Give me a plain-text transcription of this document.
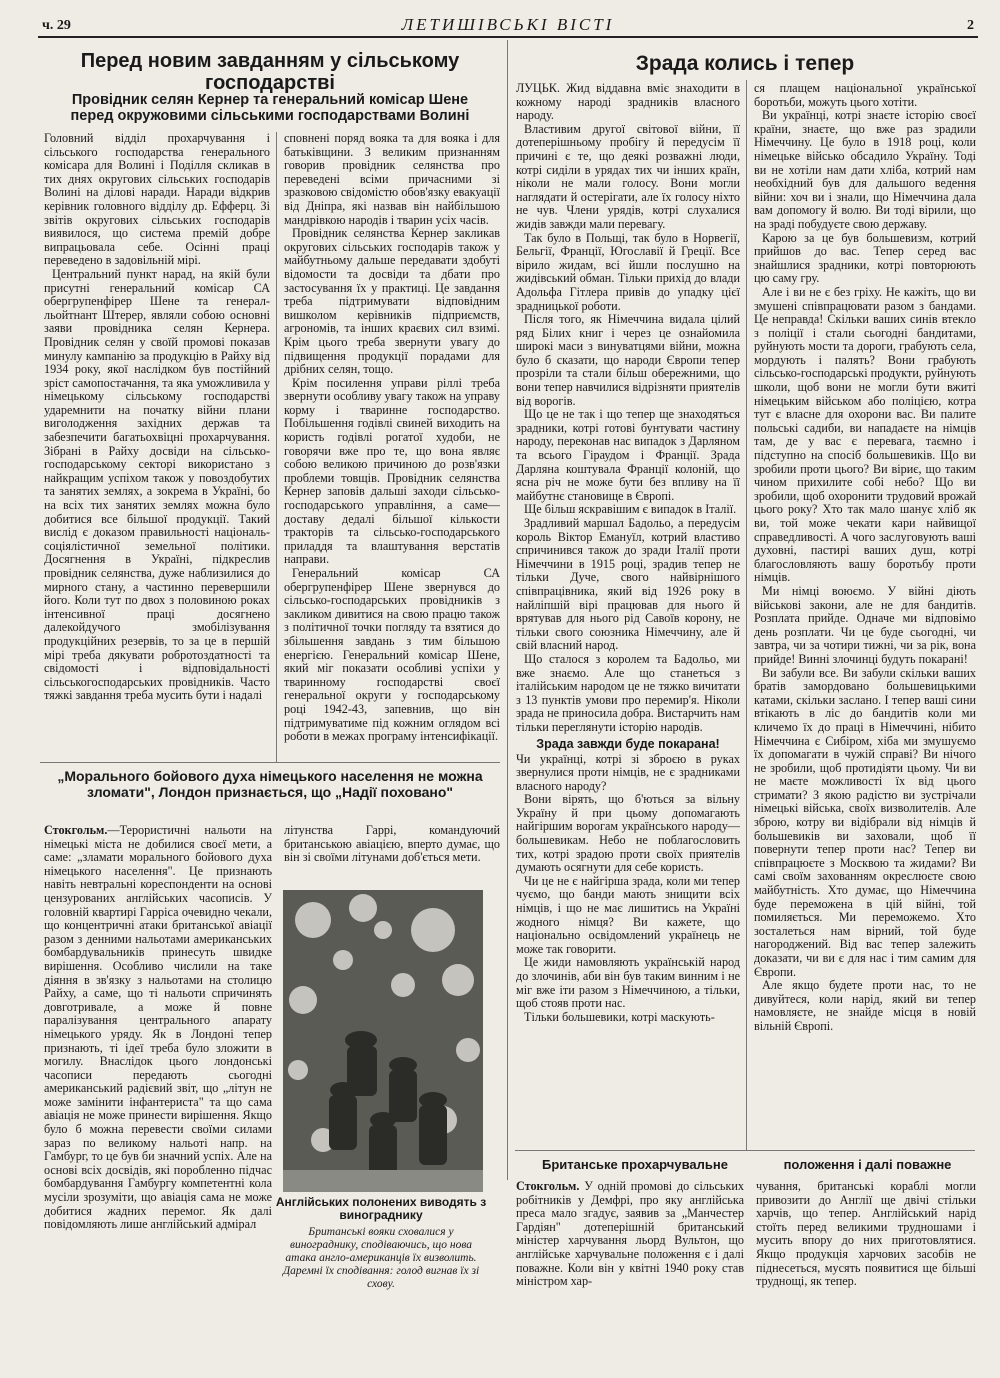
ч. 29	ЛЕТИШІВСЬКІ ВІСТІ	2
Перед новим завданням у сільському господарстві
Провідник селян Кернер та генеральний комісар Шене перед окружовими сільськими господарствами Волині

Головний відділ прохарчування і сільського господарства генерального комісара для Волині і Поділля скликав в тих днях округових сільських господарів Волині на ділові наради. Наради відкрив керівник головного відділу др. Ефферц. Зі звітів округових сільських господарів виявилося, що система премій добре випрацьовала себе. Осінні праці переведено в задовільній мірі.

Центральний пункт нарад, на якій були присутні генеральний комісар СА обергрупенфірер Шене та генерал-льойтнант Штерер, являли собою основні заяви провідника селян Кернера. Провідник селян у своїй промові показав минулу кампанію за продукцію в Райху від 1934 року, якої наслідком був постійний зріст самопостачання, та яка уможливила у німецькому сільському господарстві ударемнити на початку війни плани виголодження західних держав та забезпечити багатьохвіцні прохарчування. Зібрані в Райху досвіди на сільсько-господарському секторі використано з найкращим успіхом також у повоздобутих та занятих землях, а зокрема в Україні, бо на всіх тих занятих землях можна було добитися все більшої продукції. Такий вислід є доказом правильності національ-соціялістичної земельної політики. Досягнення в Україні, підкреслив провідник селянства, дуже наблизилися до мирного стану, а частинно перевершили його. Коли тут по двох з половиною роках інтенсивної праці досягнено далекойдучого змобілізування продукційних резервів, то за це в першій мірі треба дякувати робротоздатності та свідомості і відповідальності сільськогосподарських провідників. Часто тяжкі завдання треба мусить бути і надалі

сповнені поряд вояка та для вояка і для батьківщини. З великим признанням говорив провідник селянства про переведені всіми причасними зі зразковою свідомістю обов'язку евакуації від Дніпра, які назвав він найбільшою мандрівкою народів і тварин усіх часів.

Провідник селянства Кернер закликав округових сільських господарів також у майбутньому дальше передавати здобуті відомости та досвіди та дбати про застосування їх у практиці. Це завдання треба підтримувати відповідним вишколом керівників підприємств, агрономів, та інших краєвих сил взимі. Крім цього треба звернути увагу до підвищення продукції порадами для дрібних селян, тощо.

Крім посилення управи ріллі треба звернути особливу увагу також на управу корму і тваринне господарство. Побільшення годівлі свиней виходить на користь годівлі рогатої худоби, не говорячи вже про те, що вона являє собою великою причиною до розв'язки проблеми товщів. Провідник селянства Кернер заповів дальші заходи сільсько-господарського управління, а саме—доставу дедалі більшої кількости тракторів та сільсько-господарського приладдя та влаштування верстатів направи.

Генеральний комісар СА обергрупенфірер Шене звернувся до сільсько-господарських провідників з закликом дивитися на свою працю також з політичної точки погляду та взятися до збільшення завдань з тим більшою енергією. Генеральний комісар Шене, який міг показати особливі успіхи у тваринному господарстві своєї генеральної округи у господарському році 1942-43, запевнив, що він підтримуватиме під кожним оглядом всі роботи в межах програму інтенсифікації.

„Морального бойового духа німецького населення не можна зломати", Лондон признається, що „Надії поховано"

Стокгольм.—Терористичні нальоти на німецькі міста не добилися своєї мети, а саме: „зламати морального бойового духа німецького населення". Це признають навіть невтральні кореспонденти на основі цензурованих англійських часописів. У головній квартирі Гарріса очевидно чекали, що концентричні атаки британської авіації разом з денними нальотами американських бомбардувальників принесуть швидке вирішення. Особливо числили на таке діяння в зв'язку з нальотами на столицю Райху, а саме, що ті нальоти спричинять довготривале, а може й повне паралізування центрального апарату німецького уряду. Як в Лондоні тепер признають, ті ідеї треба було зложити в могилу. Внаслідок цього лондонські часописи передають сьогодні американський радієвий звіт, що „літун не може замінити інфантериста" та що сама авіація не може принести вирішення. Якщо було б можна перевести своїми силами зараз по великому нальоті напр. на Гамбург, то це був би значний успіх. Але на основі всіх досвідів, які поробленно підчас бомбардування Гамбургу компетентні кола мусіли зрозуміти, що авіація сама не може добитися жадних перемог. Як далі повідомляють лише англійський адмірал

літунства Гаррі, командуючий британською авіацією, вперто думає, що він зі своїми літунами доб'ється мети.

Англійських полонених виводять з винограднику
Британські вояки сховалися у винограднику, сподіваючись, що нова атака англо-американців їх визволить. Даремні їх сподівання: голод вигнав їх зі схову.
Зрада колись і тепер

ЛУЦЬК. Жид віддавна вміє знаходити в кожному народі зрадників власного народу.

Властивим другої світової війни, її дотеперішньому пробігу й передусім її причині є те, що деякі розважні люди, котрі сиділи в урядах тих чи інших країн, ніколи не мали голосу. Вони могли наглядати й остерігати, але їх голосу ніхто не чув. Члени урядів, котрі слухалися жидів завжди мали перевагу.

Так було в Польщі, так було в Норвегії, Бельгії, Франції, Югославії й Греції. Все вірило жидам, всі йшли послушно на жидівський обман. Тільки прихід до влади Адольфа Гітлера привів до упадку цієї зрадницької роботи.

Після того, як Німеччина видала цілий ряд Білих книг і через це ознайомила широкі маси з винуватцями війни, можна було б сказати, що народи Європи тепер прозріли та стали більш обережними, що вони тепер навчилися відрізняти приятелів від ворогів.

Що це не так і що тепер ще знаходяться зрадники, котрі готові бунтувати частину народу, переконав нас випадок з Дарляном та всього Гіраудом і Франції. Зрада Дарляна коштувала Франції колоній, що ясна річ не може бути без впливу на її майбутнє становище в Європі.

Ще більш яскравішим є випадок в Італії.

Зрадливий маршал Бадольо, а передусім король Віктор Емануїл, котрий властиво спричинився також до зради Італії проти Німеччини в 1915 році, зрадив тепер не тільки Дуче, свого найвірнішого співпрацівника, який від 1926 року в найліпшій вірі працював для нього й врятував для нього рід Савоїв корону, не тільки свого союзника Німеччину, але й свій власний народ.

Що сталося з королем та Бадольо, ми вже знаємо. Але що станеться з італійським народом це не тяжко вичитати з 13 пунктів умови про перемир'я. Ніколи зрада не приносила добра. Вистарчить нам тільки переглянути історію народів.

Зрада завжди буде покарана!

Чи українці, котрі зі зброєю в руках звернулися проти німців, не є зрадниками власного народу?

Вони вірять, що б'ються за вільну Україну й при цьому допомагають найгіршим ворогам українського народу—большевикам. Небо не поблагословить тих, котрі зрадою проти своїх приятелів думають осягнути для себе користь.

Чи це не є найгірша зрада, коли ми тепер чуємо, що банди мають знищити всіх німців, і що не має лишитись на Україні жодного німця? Ви кажете, що національно освідомлений українець не може так говорити.

Це жиди намовляють українській народ до злочинів, аби він був таким винним і не міг вже іти разом з Німеччиною, а тільки, щоб стояв проти нас.

Тільки большевики, котрі маскують-

ся плащем національної української боротьби, можуть цього хотіти.

Ви українці, котрі знаєте історію своєї країни, знаєте, що вже раз зрадили Німеччину. Це було в 1918 році, коли німецьке військо обсадило Україну. Тоді ви не хотіли нам дати хліба, котрий нам необхідний був для дальшого ведення війни: хоч ви і знали, що Німеччина дала вам допомогу й волю. Ви тоді вірили, що на зраді побудуєте свою державу.

Карою за це був большевизм, котрий прийшов до вас. Тепер серед вас знайшлися зрадники, котрі повторюють цю саму гру.

Але і ви не є без гріху. Не кажіть, що ви змушені співпрацювати разом з бандами. Це неправда! Скільки ваших синів втекло з поліції і стали сьогодні бандитами, руйнують мости та дороги, грабують села, мордують і палять? Вони грабують сільсько-господарські продукти, руйнують школи, щоб вони не могли бути вжиті німецьким військом або поліцією, котра тут є власне для охорони вас. Ви палите польські садиби, ви нападаєте на німців там, де у вас є перевага, таємно і підступно на спосіб большевиків. Що ви зробили проти цього? Ви віриє, що таким чином прихилите собі небо? Що ви зробили, щоб охоронити трудовий врожай цього року? Хто так мало шанує хліб як ви, той може чекати кари найвищої справедливості. А чого заслуговують ваші духовні, пастирі ваших душ, котрі благословляють вашу боротьбу проти німців.

Ми німці воюємо. У війні діють військові закони, але не для бандитів. Розплата прийде. Одначе ми відповімо день розплати. Чи це буде сьогодні, чи завтра, чи за чотири тижні, чи за рік, вона прийде! Винні злочинці будуть покарані!

Ви забули все. Ви забули скільки ваших братів замордовано большевицькими катами, скільки заслано. І тепер ваші сини втікають в ліс до бандитів коли ми кличемо їх до праці в Німеччині, нібито Німеччина є Сибіром, хіба ми змушуємо їх допомагати в чужій справі? Ви нічого не зробили, щоб протидіяти цьому. Чи ви не маєте можливості їх від цього стримати? З якою радістю ви зустрічали німецькі війська, своїх визволителів. Але зброю, котру ви відібрали від німців й большевиків ви заховали, щоб її повернути тепер проти нас? Тепер ви співпрацюєте з Москвою та жидами? Ви самі своїм захованням окреслюєте свою майбутність. Хто думає, що Німеччина буде переможена в цій війні, той помиляється. Ми переможемо. Хто зосталеться нам вірний, той буде нагороджений. Від вас тепер залежить доказати, чи ви є для нас і тим самим для Європи.

Але якщо будете проти нас, то не дивуйтеся, коли нарід, який ви тепер намовляєте, не знайде місця в новій вільній Європі.

Британське прохарчувальне	положення і далі поважне

Стокгольм. У одній промові до сільських робітників у Демфрі, про яку англійська преса мало згадує, заявив за „Манчестер Гардіян" дотеперішній британський міністер харчування льорд Вультон, що англійське харчувальне положення є і далі поважне. Коли він у квітні 1940 року став міністром хар-

чування, британські кораблі могли привозити до Англії ще двічі стільки харчів, що тепер. Англійський нарід стоїть перед великими трудношами і мусить впору до них приготовлятися. Якщо продукція харчових засобів не піднесеться, мусять появитися ще більші труднощі, як тепер.
